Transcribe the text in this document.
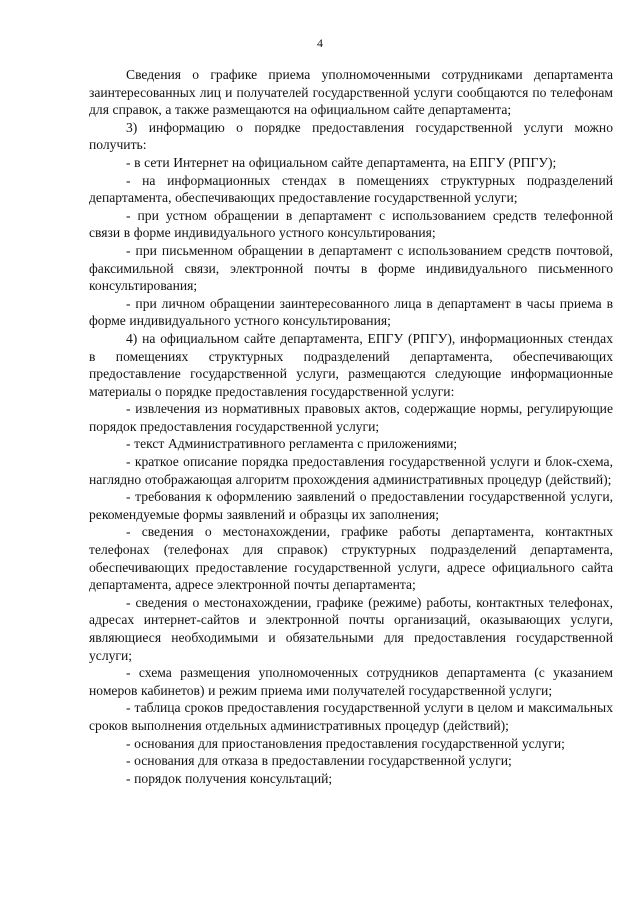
4

Сведения о графике приема уполномоченными сотрудниками департамента заинтересованных лиц и получателей государственной услуги сообщаются по телефонам для справок, а также размещаются на официальном сайте департамента;

3) информацию о порядке предоставления государственной услуги можно получить:

- в сети Интернет на официальном сайте департамента, на ЕПГУ (РПГУ);

- на информационных стендах в помещениях структурных подразделений департамента, обеспечивающих предоставление государственной услуги;

- при устном обращении в департамент с использованием средств телефонной связи в форме индивидуального устного консультирования;

- при письменном обращении в департамент с использованием средств почтовой, факсимильной связи, электронной почты в форме индивидуального письменного консультирования;

- при личном обращении заинтересованного лица в департамент в часы приема в форме индивидуального устного консультирования;

4) на официальном сайте департамента, ЕПГУ (РПГУ), информационных стендах в помещениях структурных подразделений департамента, обеспечивающих предоставление государственной услуги, размещаются следующие информационные материалы о порядке предоставления государственной услуги:

- извлечения из нормативных правовых актов, содержащие нормы, регулирующие порядок предоставления государственной услуги;

- текст Административного регламента с приложениями;

- краткое описание порядка предоставления государственной услуги и блок-схема, наглядно отображающая алгоритм прохождения административных процедур (действий);

- требования к оформлению заявлений о предоставлении государственной услуги, рекомендуемые формы заявлений и образцы их заполнения;

- сведения о местонахождении, графике работы департамента, контактных телефонах (телефонах для справок) структурных подразделений департамента, обеспечивающих предоставление государственной услуги, адресе официального сайта департамента, адресе электронной почты департамента;

- сведения о местонахождении, графике (режиме) работы, контактных телефонах, адресах интернет-сайтов и электронной почты организаций, оказывающих услуги, являющиеся необходимыми и обязательными для предоставления государственной услуги;

- схема размещения уполномоченных сотрудников департамента (с указанием номеров кабинетов) и режим приема ими получателей государственной услуги;

- таблица сроков предоставления государственной услуги в целом и максимальных сроков выполнения отдельных административных процедур (действий);

- основания для приостановления предоставления государственной услуги;

- основания для отказа в предоставлении государственной услуги;

- порядок получения консультаций;
